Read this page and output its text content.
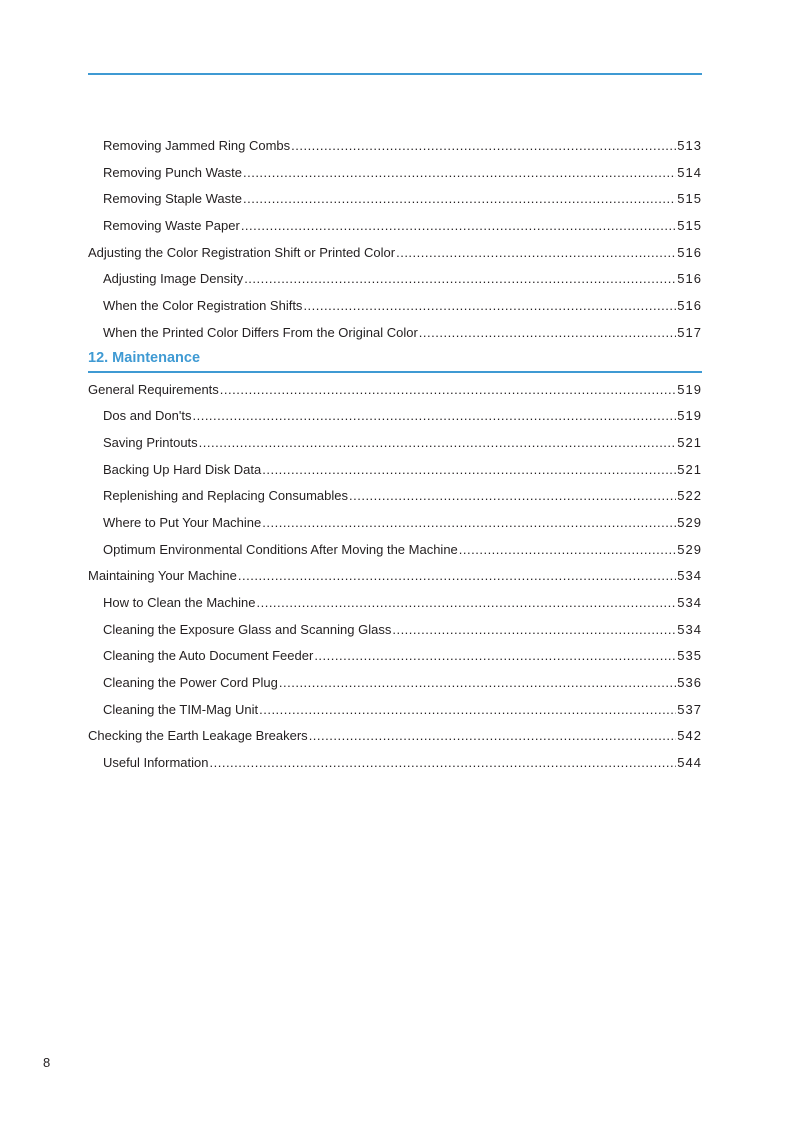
Removing Jammed Ring Combs .....	513
Removing Punch Waste .....	514
Removing Staple Waste .....	515
Removing Waste Paper .....	515
Adjusting the Color Registration Shift or Printed Color .....	516
Adjusting Image Density .....	516
When the Color Registration Shifts .....	516
When the Printed Color Differs From the Original Color .....	517
12. Maintenance
General Requirements .....	519
Dos and Don'ts .....	519
Saving Printouts .....	521
Backing Up Hard Disk Data .....	521
Replenishing and Replacing Consumables .....	522
Where to Put Your Machine .....	529
Optimum Environmental Conditions After Moving the Machine .....	529
Maintaining Your Machine .....	534
How to Clean the Machine .....	534
Cleaning the Exposure Glass and Scanning Glass .....	534
Cleaning the Auto Document Feeder .....	535
Cleaning the Power Cord Plug .....	536
Cleaning the TIM-Mag Unit .....	537
Checking the Earth Leakage Breakers .....	542
Useful Information .....	544
8
